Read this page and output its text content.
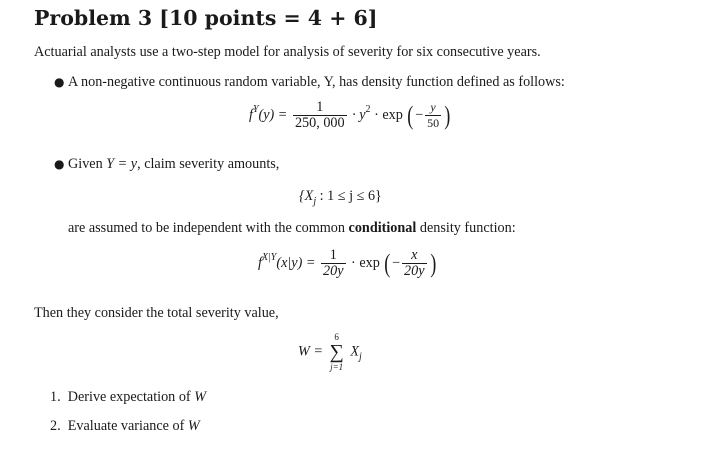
Problem 3 [10 points = 4 + 6]
Actuarial analysts use a two-step model for analysis of severity for six consecutive years.
● A non-negative continuous random variable, Y, has density function defined as follows:
$f^Y(y) = \frac{1}{250, 000} \cdot y^2 \cdot \exp$ (− $\frac{y}{50}$ )
● Given Y = y, claim severity amounts,
{$X_j$ : 1 ≤ j ≤ 6}
are assumed to be independent with the common conditional density function:
$f^{X|Y}(x|y) = \frac{1}{20y} \cdot \exp$ (− $\frac{x}{20y}$ )
Then they consider the total severity value,
W =
6
∑
j=1
$X_j$
1. Derive expectation of W
2. Evaluate variance of W
